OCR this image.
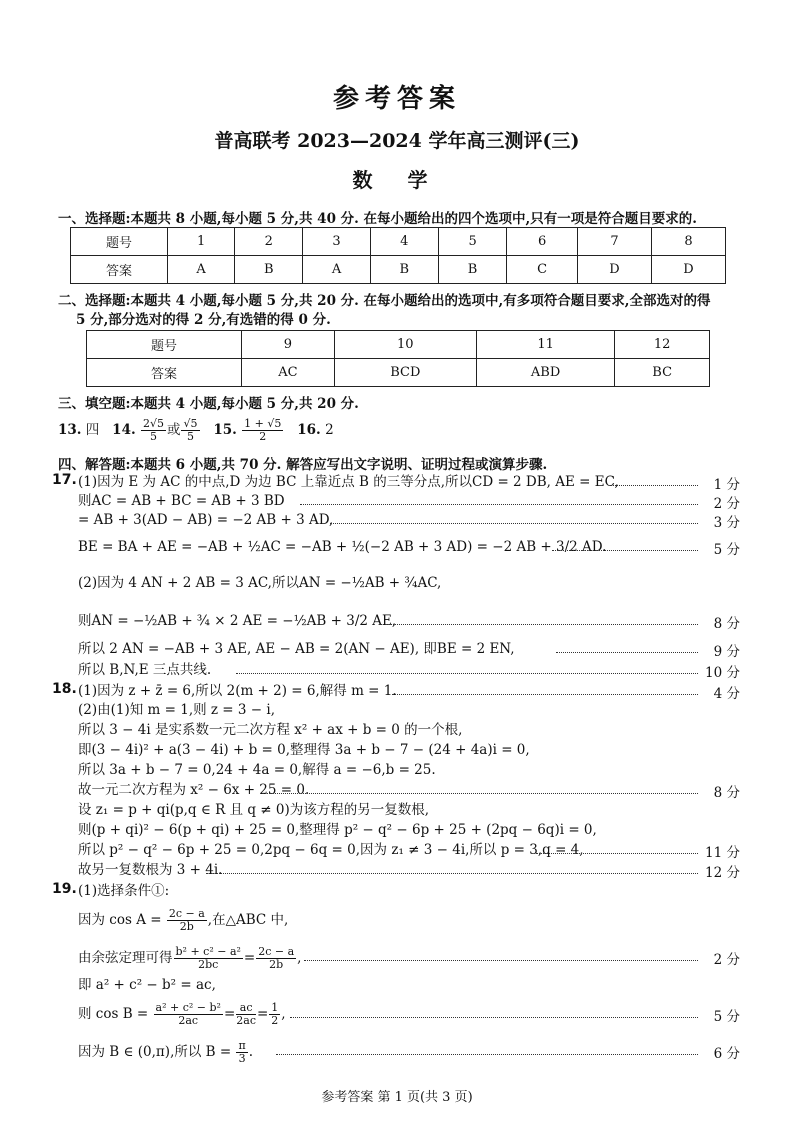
参考答案
普高联考 2023—2024 学年高三测评(三)
数 学
一、选择题:本题共 8 小题,每小题 5 分,共 40 分. 在每小题给出的四个选项中,只有一项是符合题目要求的.
题号	1	2	3	4	5	6	7	8
答案	A	B	A	B	B	C	D	D
二、选择题:本题共 4 小题,每小题 5 分,共 20 分. 在每小题给出的选项中,有多项符合题目要求,全部选对的得
5 分,部分选对的得 2 分,有选错的得 0 分.
题号	9	10	11	12
答案	AC	BCD	ABD	BC
三、填空题:本题共 4 小题,每小题 5 分,共 20 分.
13. 四 14. $\frac{2√5}{5}$ 或 $\frac{√5}{5} 15$. $\frac{1 + √5}{2} 16$. 2
四、解答题:本题共 6 小题,共 70 分. 解答应写出文字说明、证明过程或演算步骤.
17. (1)因为 E 为 AC 的中点,D 为边 BC 上靠近点 B 的三等分点,所以CD = 2 DB, AE = EC,	1 分
则AC = AB + BC = AB + 3 BD	2 分
= AB + 3(AD − AB) = −2 AB + 3 AD,	3 分
BE = BA + AE = −AB + ½AC = −AB + ½(−2 AB + 3 AD) = −2 AB + 3/2 AD.	5 分
(2)因为 4 AN + 2 AB = 3 AC,所以AN = −½AB + ¾AC,
则AN = −½AB + ¾ × 2 AE = −½AB + 3/2 AE,	8 分
所以 2 AN = −AB + 3 AE, AE − AB = 2(AN − AE), 即BE = 2 EN,	9 分
所以 B,N,E 三点共线.	10 分
18. (1)因为 z + z̄ = 6,所以 2(m + 2) = 6,解得 m = 1.	4 分
(2)由(1)知 m = 1,则 z = 3 − i,
所以 3 − 4i 是实系数一元二次方程 x² + ax + b = 0 的一个根,
即(3 − 4i)² + a(3 − 4i) + b = 0,整理得 3a + b − 7 − (24 + 4a)i = 0,
所以 3a + b − 7 = 0,24 + 4a = 0,解得 a = −6,b = 25.
故一元二次方程为 x² − 6x + 25 = 0.	8 分
设 z₁ = p + qi(p,q ∈ R 且 q ≠ 0)为该方程的另一复数根,
则(p + qi)² − 6(p + qi) + 25 = 0,整理得 p² − q² − 6p + 25 + (2pq − 6q)i = 0,
所以 p² − q² − 6p + 25 = 0,2pq − 6q = 0,因为 z₁ ≠ 3 − 4i,所以 p = 3,q = 4,	11 分
故另一复数根为 3 + 4i.	12 分
19. (1)选择条件①:
因为 $\cos A = \frac{2c - a}{2b}$ ,在△ABC 中,
由余弦定理可得 $\frac{\text{b² + c² − a²}}{2bc} = \frac{2c - a}{2b}$ ,	2 分
即 a² + c² − b² = ac,
则 $\cos B = \frac{\text{a² + c² − b²}}{2ac} = \frac{ac}{2ac} = \frac{1}{2}$ ,	5 分
因为 B ∈ (0,π),所以 $B = \frac{\pi}{3}$ .	6 分
参考答案 第 1 页(共 3 页)
